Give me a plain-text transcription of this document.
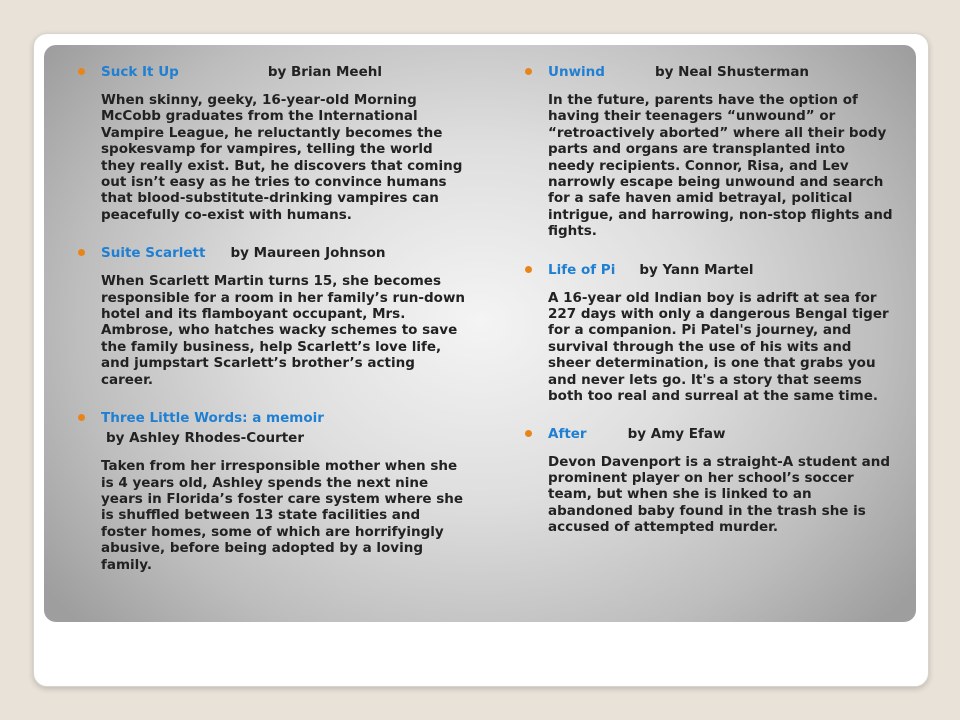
Suck It Up	by Brian Meehl
When skinny, geeky, 16-year-old Morning McCobb graduates from the International Vampire League, he reluctantly becomes the spokesvamp for vampires, telling the world they really exist. But, he discovers that coming out isn’t easy as he tries to convince humans that blood-substitute-drinking vampires can peacefully co-exist with humans.
Suite Scarlett by Maureen Johnson
When Scarlett Martin turns 15, she becomes responsible for a room in her family’s run-down hotel and its flamboyant occupant, Mrs. Ambrose, who hatches wacky schemes to save the family business, help Scarlett’s love life, and jumpstart Scarlett’s brother’s acting career.
Three Little Words: a memoir
by Ashley Rhodes-Courter
Taken from her irresponsible mother when she is 4 years old, Ashley spends the next nine years in Florida’s foster care system where she is shuffled between 13 state facilities and foster homes, some of which are horrifyingly abusive, before being adopted by a loving family.
Unwind	by Neal Shusterman
In the future, parents have the option of having their teenagers “unwound” or “retroactively aborted” where all their body parts and organs are transplanted into needy recipients. Connor, Risa, and Lev narrowly escape being unwound and search for a safe haven amid betrayal, political intrigue, and harrowing, non-stop flights and fights.
Life of Pi by Yann Martel
A 16-year old Indian boy is adrift at sea for 227 days with only a dangerous Bengal tiger for a companion. Pi Patel's journey, and survival through the use of his wits and sheer determination, is one that grabs you and never lets go. It's a story that seems both too real and surreal at the same time.
After	by Amy Efaw
Devon Davenport is a straight-A student and prominent player on her school’s soccer team, but when she is linked to an abandoned baby found in the trash she is accused of attempted murder.
